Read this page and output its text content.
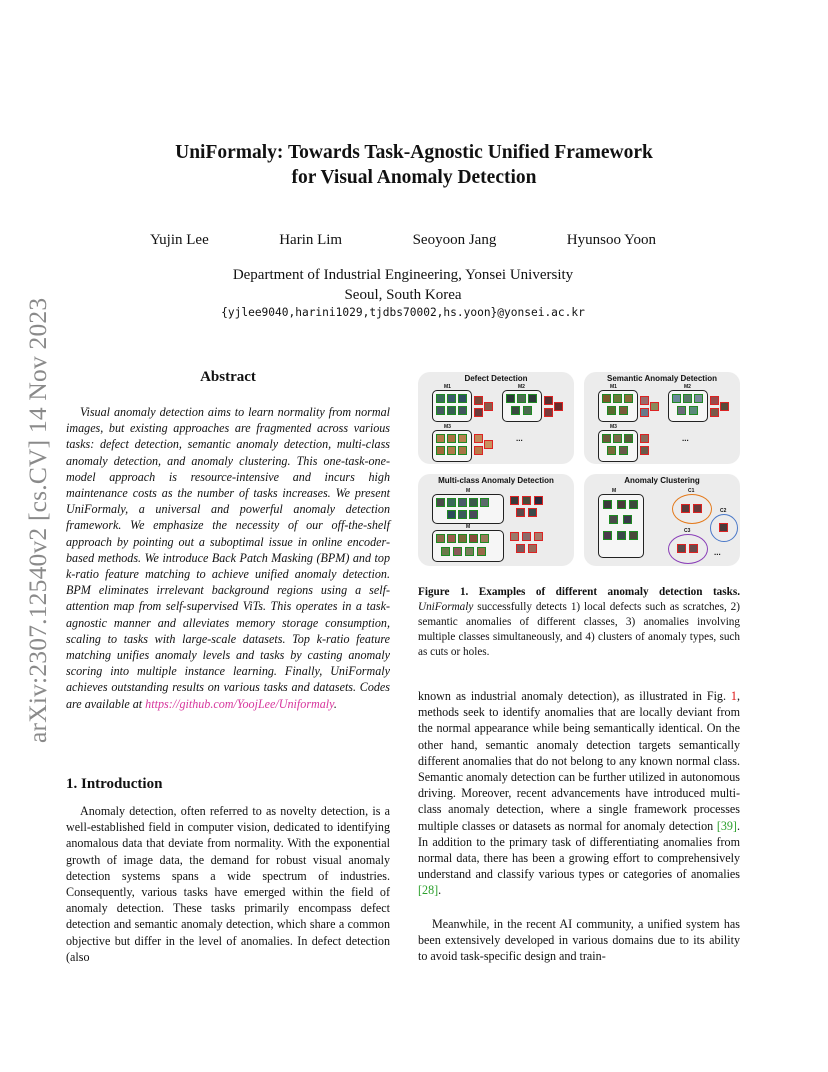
arXiv:2307.12540v2 [cs.CV] 14 Nov 2023
UniFormaly: Towards Task-Agnostic Unified Framework
for Visual Anomaly Detection
Yujin Lee	Harin Lim	Seoyoon Jang	Hyunsoo Yoon
Department of Industrial Engineering, Yonsei University
Seoul, South Korea
{yjlee9040,harini1029,tjdbs70002,hs.yoon}@yonsei.ac.kr
Abstract
Visual anomaly detection aims to learn normality from normal images, but existing approaches are fragmented across various tasks: defect detection, semantic anomaly detection, multi-class anomaly detection, and anomaly clustering. This one-task-one-model approach is resource-intensive and incurs high maintenance costs as the number of tasks increases. We present UniFormaly, a universal and powerful anomaly detection framework. We emphasize the necessity of our off-the-shelf approach by pointing out a suboptimal issue in online encoder-based methods. We introduce Back Patch Masking (BPM) and top k-ratio feature matching to achieve unified anomaly detection. BPM eliminates irrelevant background regions using a self-attention map from self-supervised ViTs. This operates in a task-agnostic manner and alleviates memory storage consumption, scaling to tasks with large-scale datasets. Top k-ratio feature matching unifies anomaly levels and tasks by casting anomaly scoring into multiple instance learning. Finally, UniFormaly achieves outstanding results on various tasks and datasets. Codes are available at https://github.com/YoojLee/Uniformaly.
1. Introduction
Anomaly detection, often referred to as novelty detection, is a well-established field in computer vision, dedicated to identifying anomalous data that deviate from normality. With the exponential growth of image data, the demand for robust visual anomaly detection systems spans a wide spectrum of industries. Consequently, various tasks have emerged within the field of anomaly detection. These tasks primarily encompass defect detection and semantic anomaly detection, which share a common objective but differ in the level of anomalies. In defect detection (also
Defect Detection
M1	M2
M3
...
Semantic Anomaly Detection
M1	M2
M3
...
Multi-class Anomaly Detection
M
M
Anomaly Clustering
M	C1
C2
C3
...
Figure 1. Examples of different anomaly detection tasks. UniFormaly successfully detects 1) local defects such as scratches, 2) semantic anomalies of different classes, 3) anomalies involving multiple classes simultaneously, and 4) clusters of anomaly types, such as cuts or holes.
known as industrial anomaly detection), as illustrated in Fig. 1, methods seek to identify anomalies that are locally deviant from the normal appearance while being semantically identical. On the other hand, semantic anomaly detection targets semantically different anomalies that do not belong to any known normal class. Semantic anomaly detection can be further utilized in autonomous driving. Moreover, recent advancements have introduced multi-class anomaly detection, where a single framework processes multiple classes or datasets as normal for anomaly detection [39]. In addition to the primary task of differentiating anomalies from normal data, there has been a growing effort to comprehensively understand and classify various types or categories of anomalies [28].
Meanwhile, in the recent AI community, a unified system has been extensively developed in various domains due to its ability to avoid task-specific design and train-
